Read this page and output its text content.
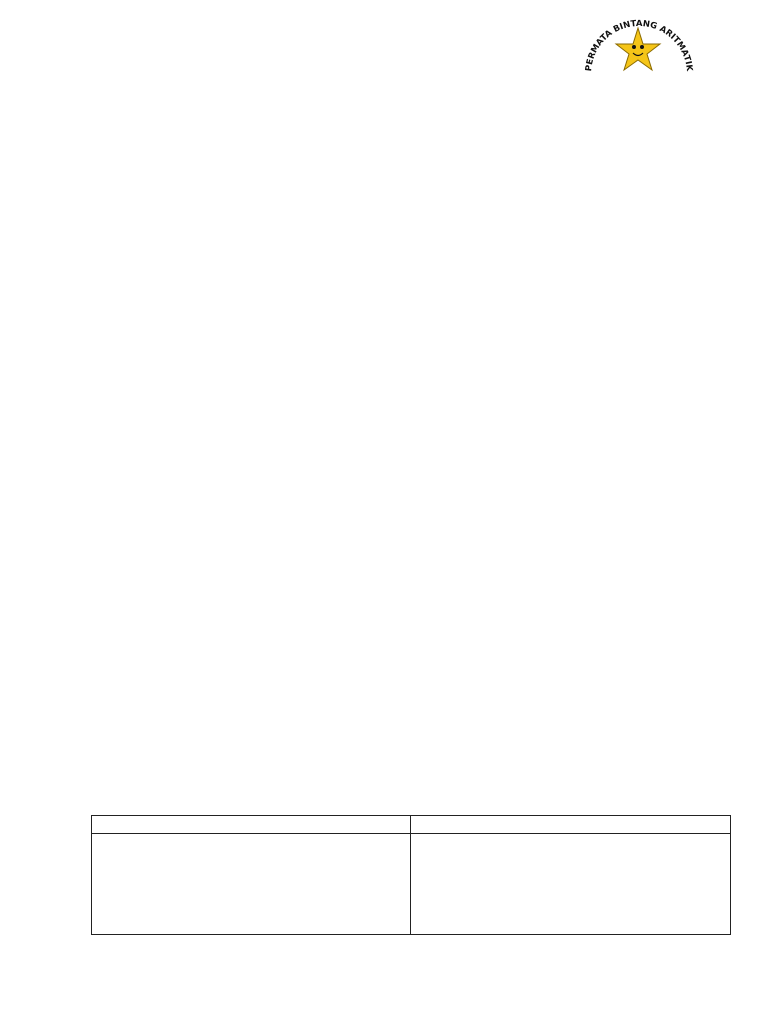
PERMATA BINTANG ARITMATIK
